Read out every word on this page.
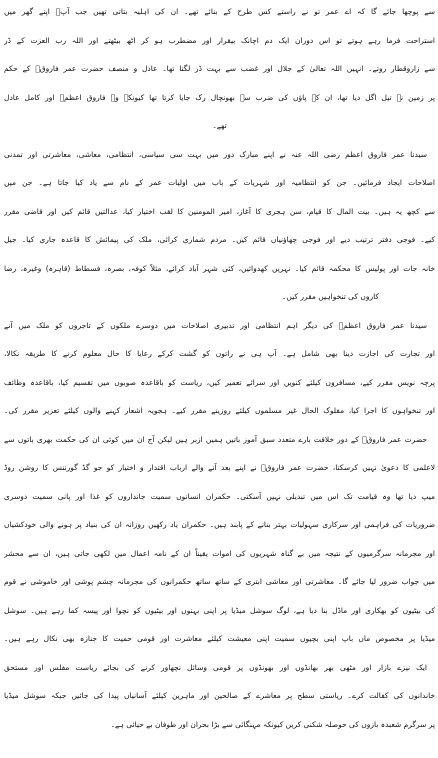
سے پوچھا جائے گا کہ اے عمر تو نے راستے کس طرح کے بنائے تھے۔ ان کی اہلیہ بتاتی تھیں جب آپؓ اپنے گھر میں
استراحت فرما رہے ہوتے تو اس دوران ایک دم اچانک بیقرار اور مضطرب ہو کر اٹھ بیٹھتے اور اللہ رب العزت کے ڈر
سے زاروقطار روتے۔ انہیں اللہ تعالیٰ کے جلال اور غضب سے بہت ڈر لگتا تھا۔ عادل و منصف حضرت عمر فاروقؓ کے حکم
پر زمین نے تیل اگل دیا تھا، ان کے پاؤں کی ضرب سے بھونچال رک جایا کرتا تھا کیونکہ وہ فاروق اعظمؓ اور کامل عادل
تھے۔
سیدنا عمر فاروق اعظم رضی اللہ عنہ نے اپنے مبارک دور میں بہت سی سیاسی، انتظامی، معاشی، معاشرتی اور تمدنی
اصلاحات ایجاد فرمائیں۔ جن کو انتظامیہ اور شہریات کے باب میں اولیات عمر کے نام سے یاد کیا جاتا ہے۔ جن میں
سے کچھ یہ ہیں۔ بیت المال کا قیام، سن ہجری کا آغاز، امیر المومنین کا لقب اختیار کیا، عدالتیں قائم کیں اور قاضی مقرر
کیے۔ فوجی دفتر ترتیب دیے اور فوجی چھاؤنیاں قائم کیں۔ مردم شماری کرائی، ملک کی پیمائش کا قاعدہ جاری کیا۔ جیل
خانہ جات اور پولیس کا محکمہ قائم کیا۔ نہریں کھدوائیں، کئی شہر آباد کرائے، مثلاً کوفہ، بصرہ، فسطاط (قاہرہ) وغیرہ، رضا
کاروں کی تنخواہیں مقرر کیں۔
سیدنا عمر فاروق اعظمؓ کی دیگر اہم انتظامی اور تدبیری اصلاحات میں دوسرے ملکوں کے تاجروں کو ملک میں آنے
اور تجارت کی اجازت دینا بھی شامل ہے۔ آپ ہی نے راتوں کو گشت کرکے رعایا کا حال معلوم کرنے کا طریقہ نکالا،
پرچہ نویس مقرر کیے، مسافروں کیلئے کنویں اور سرائے تعمیر کیں، ریاست کو باقاعدہ صوبوں میں تقسیم کیا، باقاعدہ وظائف
اور تنخواہوں کا اجرا کیا، مفلوک الحال غیر مسلموں کیلئے روزینے مقرر کیے۔ ہجویہ اشعار کہنے والوں کیلئے تعزیر مقرر کی۔
حضرت عمر فاروقؓ کے دور خلافت بارے متعدد سبق آموز باتیں ہمیں ازبر ہیں لیکن آج ان میں کوئی ان کی حکمت بھری باتوں سے
لاعلمی کا دعویٰ نہیں کرسکتا، حضرت عمر فاروقؓ نے اپنے بعد آنے والے ارباب اقتدار و اختیار کو جو گڈ گورننس کا روشن روڈ
میپ دیا تھا وہ قیامت تک اس میں تبدیلی نہیں آسکتی۔ حکمران انسانوں سمیت جانداروں کو غذا اور پانی سمیت دوسری
ضروریات کی فراہمی اور سرکاری سہولیات بہتر بنانے کے پابند ہیں۔ حکمران یاد رکھیں روزانہ ان کی بنیاد پر ہونے والی خودکشیاں
اور مجرمانہ سرگرمیوں کے نتیجہ میں بے گناہ شہریوں کی اموات یقیناً ان کے نامہ اعمال میں لکھی جاتی ہیں، ان سے محشر
میں جواب ضرور لیا جائے گا۔ معاشرتی اور معاشی ابتری کے ساتھ ساتھ حکمرانوں کی مجرمانہ چشم پوشی اور خاموشی نے قوم
کی بیٹیوں کو بھکاری اور ماڈل بنا دیا ہے، لوگ سوشل میڈیا پر اپنی بہنوں اور بیٹیوں کو نچوا اور پیسہ کما رہے ہیں۔ سوشل
میڈیا پر مخصوص ماں باپ اپنی بچیوں سمیت اپنی معیشت کیلئے معاشرت اور قومی حمیت کا جنازہ بھی نکال رہے ہیں۔
ایک نیزے بازار اور مٹھی بھر بھانڈوں اور بھونڈوں پر قومی وسائل نچھاور کرنے کی بجائے ریاست مفلس اور مستحق
خاندانوں کی کفالت کرے۔ ریاستی سطح پر معاشرے کے صالحین اور ماہرین کیلئے آسانیاں پیدا کی جائیں جبکہ سوشل میڈیا
پر سرگرم شعبدہ بازوں کی حوصلہ شکنی کریں کیونکہ مہنگائی سے بڑا بحران اور طوفان بے حیائی ہے۔
